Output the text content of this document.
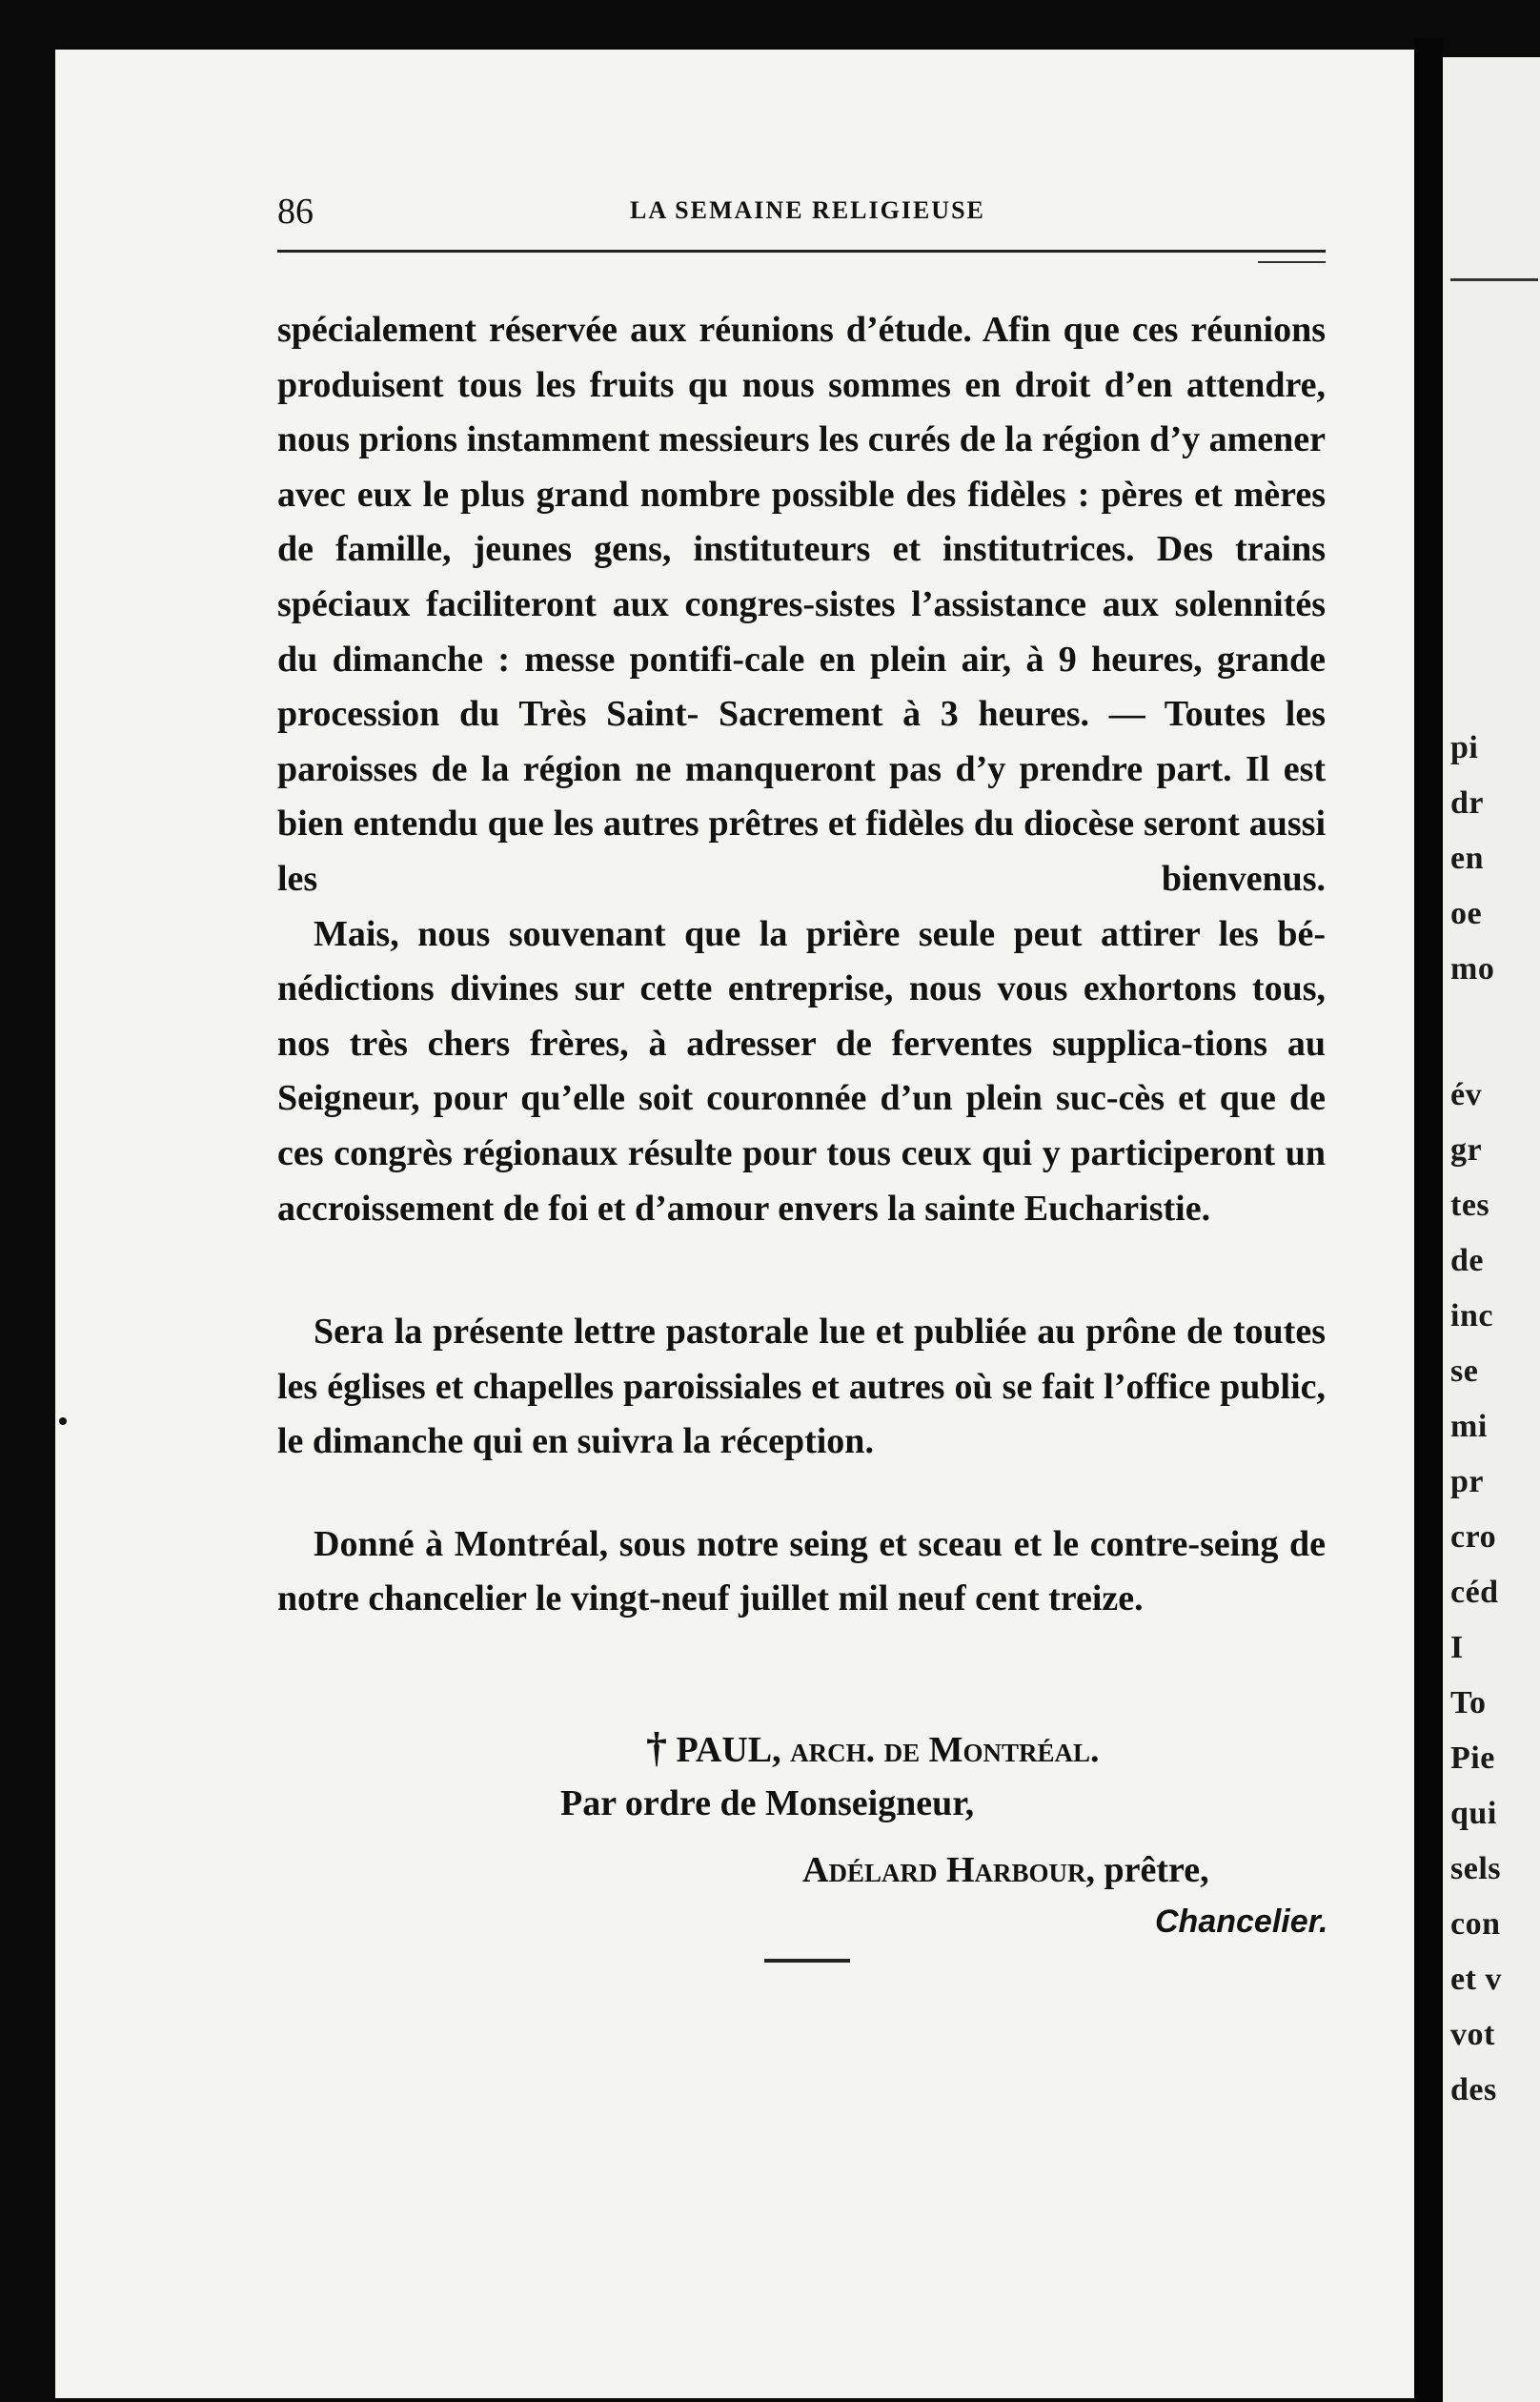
pi
dr
en
oe
mo
év
gr
tes
de
inc
se
mi
pr
cro
céd
I
To
Pie
qui
sels
con
et v
vot
des
86	LA SEMAINE RELIGIEUSE

spécialement réservée aux réunions d’étude. Afin que ces réunions produisent tous les fruits qu nous sommes en droit d’en attendre, nous prions instamment messieurs les curés de la région d’y amener avec eux le plus grand nombre possible des fidèles : pères et mères de famille, jeunes gens, instituteurs et institutrices. Des trains spéciaux faciliteront aux congres-sistes l’assistance aux solennités du dimanche : messe pontifi-cale en plein air, à 9 heures, grande procession du Très Saint- Sacrement à 3 heures. — Toutes les paroisses de la région ne manqueront pas d’y prendre part. Il est bien entendu que les autres prêtres et fidèles du diocèse seront aussi les bienvenus.

Mais, nous souvenant que la prière seule peut attirer les bé-nédictions divines sur cette entreprise, nous vous exhortons tous, nos très chers frères, à adresser de ferventes supplica-tions au Seigneur, pour qu’elle soit couronnée d’un plein suc-cès et que de ces congrès régionaux résulte pour tous ceux qui y participeront un accroissement de foi et d’amour envers la sainte Eucharistie.

Sera la présente lettre pastorale lue et publiée au prône de toutes les églises et chapelles paroissiales et autres où se fait l’office public, le dimanche qui en suivra la réception.

Donné à Montréal, sous notre seing et sceau et le contre-seing de notre chancelier le vingt-neuf juillet mil neuf cent treize.

† PAUL, arch. de Montréal.
Par ordre de Monseigneur,
Adélard Harbour, prêtre,
Chancelier.
